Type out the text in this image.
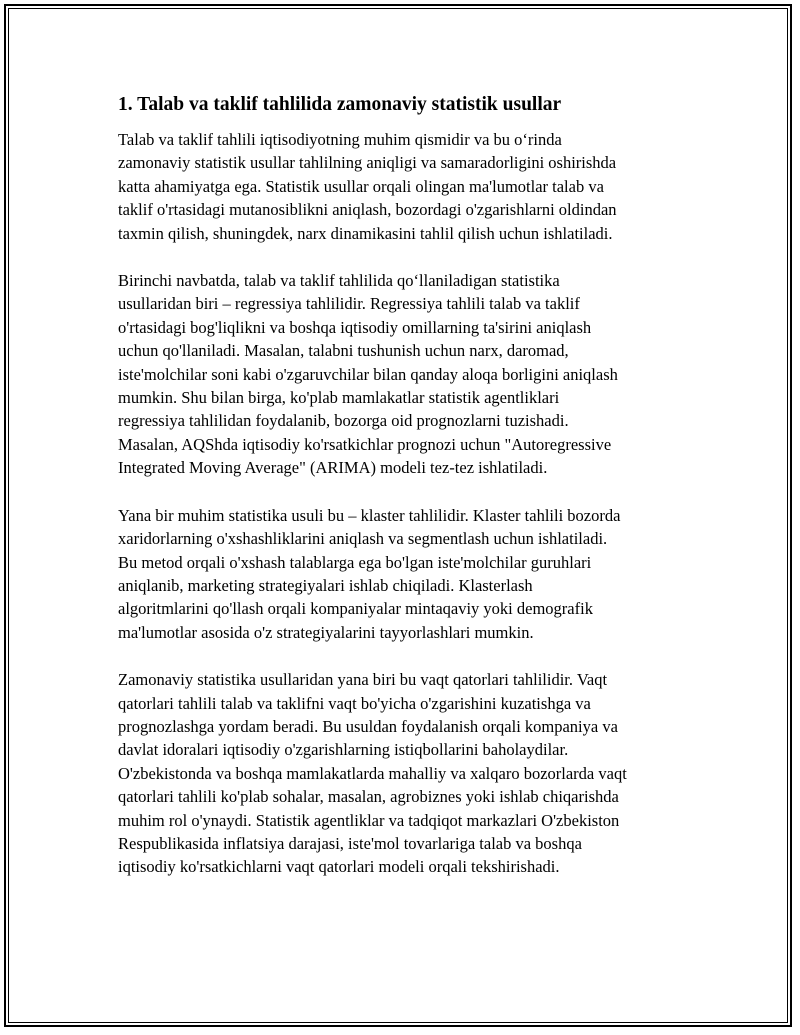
1. Talab va taklif tahlilida zamonaviy statistik usullar
Talab va taklif tahlili iqtisodiyotning muhim qismidir va bu o‘rinda
zamonaviy statistik usullar tahlilning aniqligi va samaradorligini oshirishda
katta ahamiyatga ega. Statistik usullar orqali olingan ma'lumotlar talab va
taklif o'rtasidagi mutanosiblikni aniqlash, bozordagi o'zgarishlarni oldindan
taxmin qilish, shuningdek, narx dinamikasini tahlil qilish uchun ishlatiladi.
Birinchi navbatda, talab va taklif tahlilida qo‘llaniladigan statistika
usullaridan biri – regressiya tahlilidir. Regressiya tahlili talab va taklif
o'rtasidagi bog'liqlikni va boshqa iqtisodiy omillarning ta'sirini aniqlash
uchun qo'llaniladi. Masalan, talabni tushunish uchun narx, daromad,
iste'molchilar soni kabi o'zgaruvchilar bilan qanday aloqa borligini aniqlash
mumkin. Shu bilan birga, ko'plab mamlakatlar statistik agentliklari
regressiya tahlilidan foydalanib, bozorga oid prognozlarni tuzishadi.
Masalan, AQShda iqtisodiy ko'rsatkichlar prognozi uchun "Autoregressive
Integrated Moving Average" (ARIMA) modeli tez-tez ishlatiladi.
Yana bir muhim statistika usuli bu – klaster tahlilidir. Klaster tahlili bozorda
xaridorlarning o'xshashliklarini aniqlash va segmentlash uchun ishlatiladi.
Bu metod orqali o'xshash talablarga ega bo'lgan iste'molchilar guruhlari
aniqlanib, marketing strategiyalari ishlab chiqiladi. Klasterlash
algoritmlarini qo'llash orqali kompaniyalar mintaqaviy yoki demografik
ma'lumotlar asosida o'z strategiyalarini tayyorlashlari mumkin.
Zamonaviy statistika usullaridan yana biri bu vaqt qatorlari tahlilidir. Vaqt
qatorlari tahlili talab va taklifni vaqt bo'yicha o'zgarishini kuzatishga va
prognozlashga yordam beradi. Bu usuldan foydalanish orqali kompaniya va
davlat idoralari iqtisodiy o'zgarishlarning istiqbollarini baholaydilar.
O'zbekistonda va boshqa mamlakatlarda mahalliy va xalqaro bozorlarda vaqt
qatorlari tahlili ko'plab sohalar, masalan, agrobiznes yoki ishlab chiqarishda
muhim rol o'ynaydi. Statistik agentliklar va tadqiqot markazlari O'zbekiston
Respublikasida inflatsiya darajasi, iste'mol tovarlariga talab va boshqa
iqtisodiy ko'rsatkichlarni vaqt qatorlari modeli orqali tekshirishadi.
